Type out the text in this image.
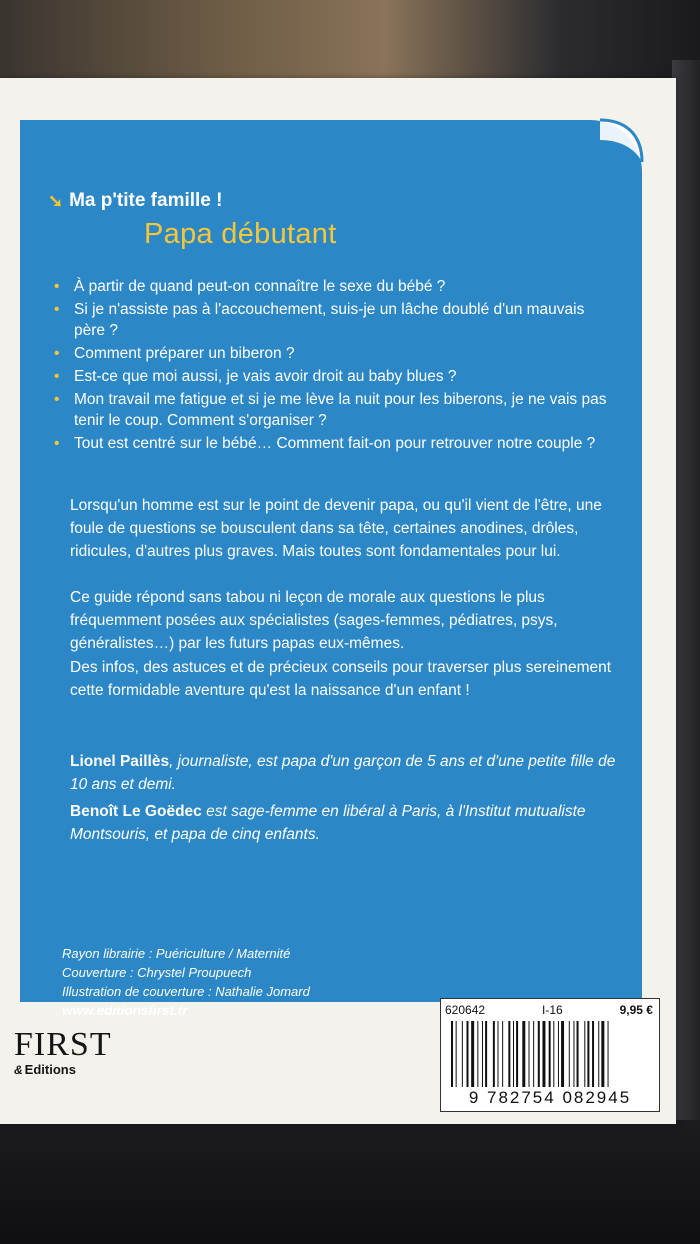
➘ Ma p'tite famille !
Papa débutant
• À partir de quand peut-on connaître le sexe du bébé ?
• Si je n'assiste pas à l'accouchement, suis-je un lâche doublé d'un mauvais père ?
• Comment préparer un biberon ?
• Est-ce que moi aussi, je vais avoir droit au baby blues ?
• Mon travail me fatigue et si je me lève la nuit pour les biberons, je ne vais pas tenir le coup. Comment s'organiser ?
• Tout est centré sur le bébé… Comment fait-on pour retrouver notre couple ?

Lorsqu'un homme est sur le point de devenir papa, ou qu'il vient de l'être, une foule de questions se bousculent dans sa tête, certaines anodines, drôles, ridicules, d'autres plus graves. Mais toutes sont fondamentales pour lui.

Ce guide répond sans tabou ni leçon de morale aux questions le plus fréquemment posées aux spécialistes (sages-femmes, pédiatres, psys, généralistes…) par les futurs papas eux-mêmes.

Des infos, des astuces et de précieux conseils pour traverser plus sereinement cette formidable aventure qu'est la naissance d'un enfant !

Lionel Paillès, journaliste, est papa d'un garçon de 5 ans et d'une petite fille de 10 ans et demi.

Benoît Le Goëdec est sage-femme en libéral à Paris, à l'Institut mutualiste Montsouris, et papa de cinq enfants.

Rayon librairie : Puériculture / Maternité
Couverture : Chrystel Proupuech
Illustration de couverture : Nathalie Jomard
www.editionsfirst.fr
FIRST
& Editions
620642	I-16	9,95 €
9 782754 082945
